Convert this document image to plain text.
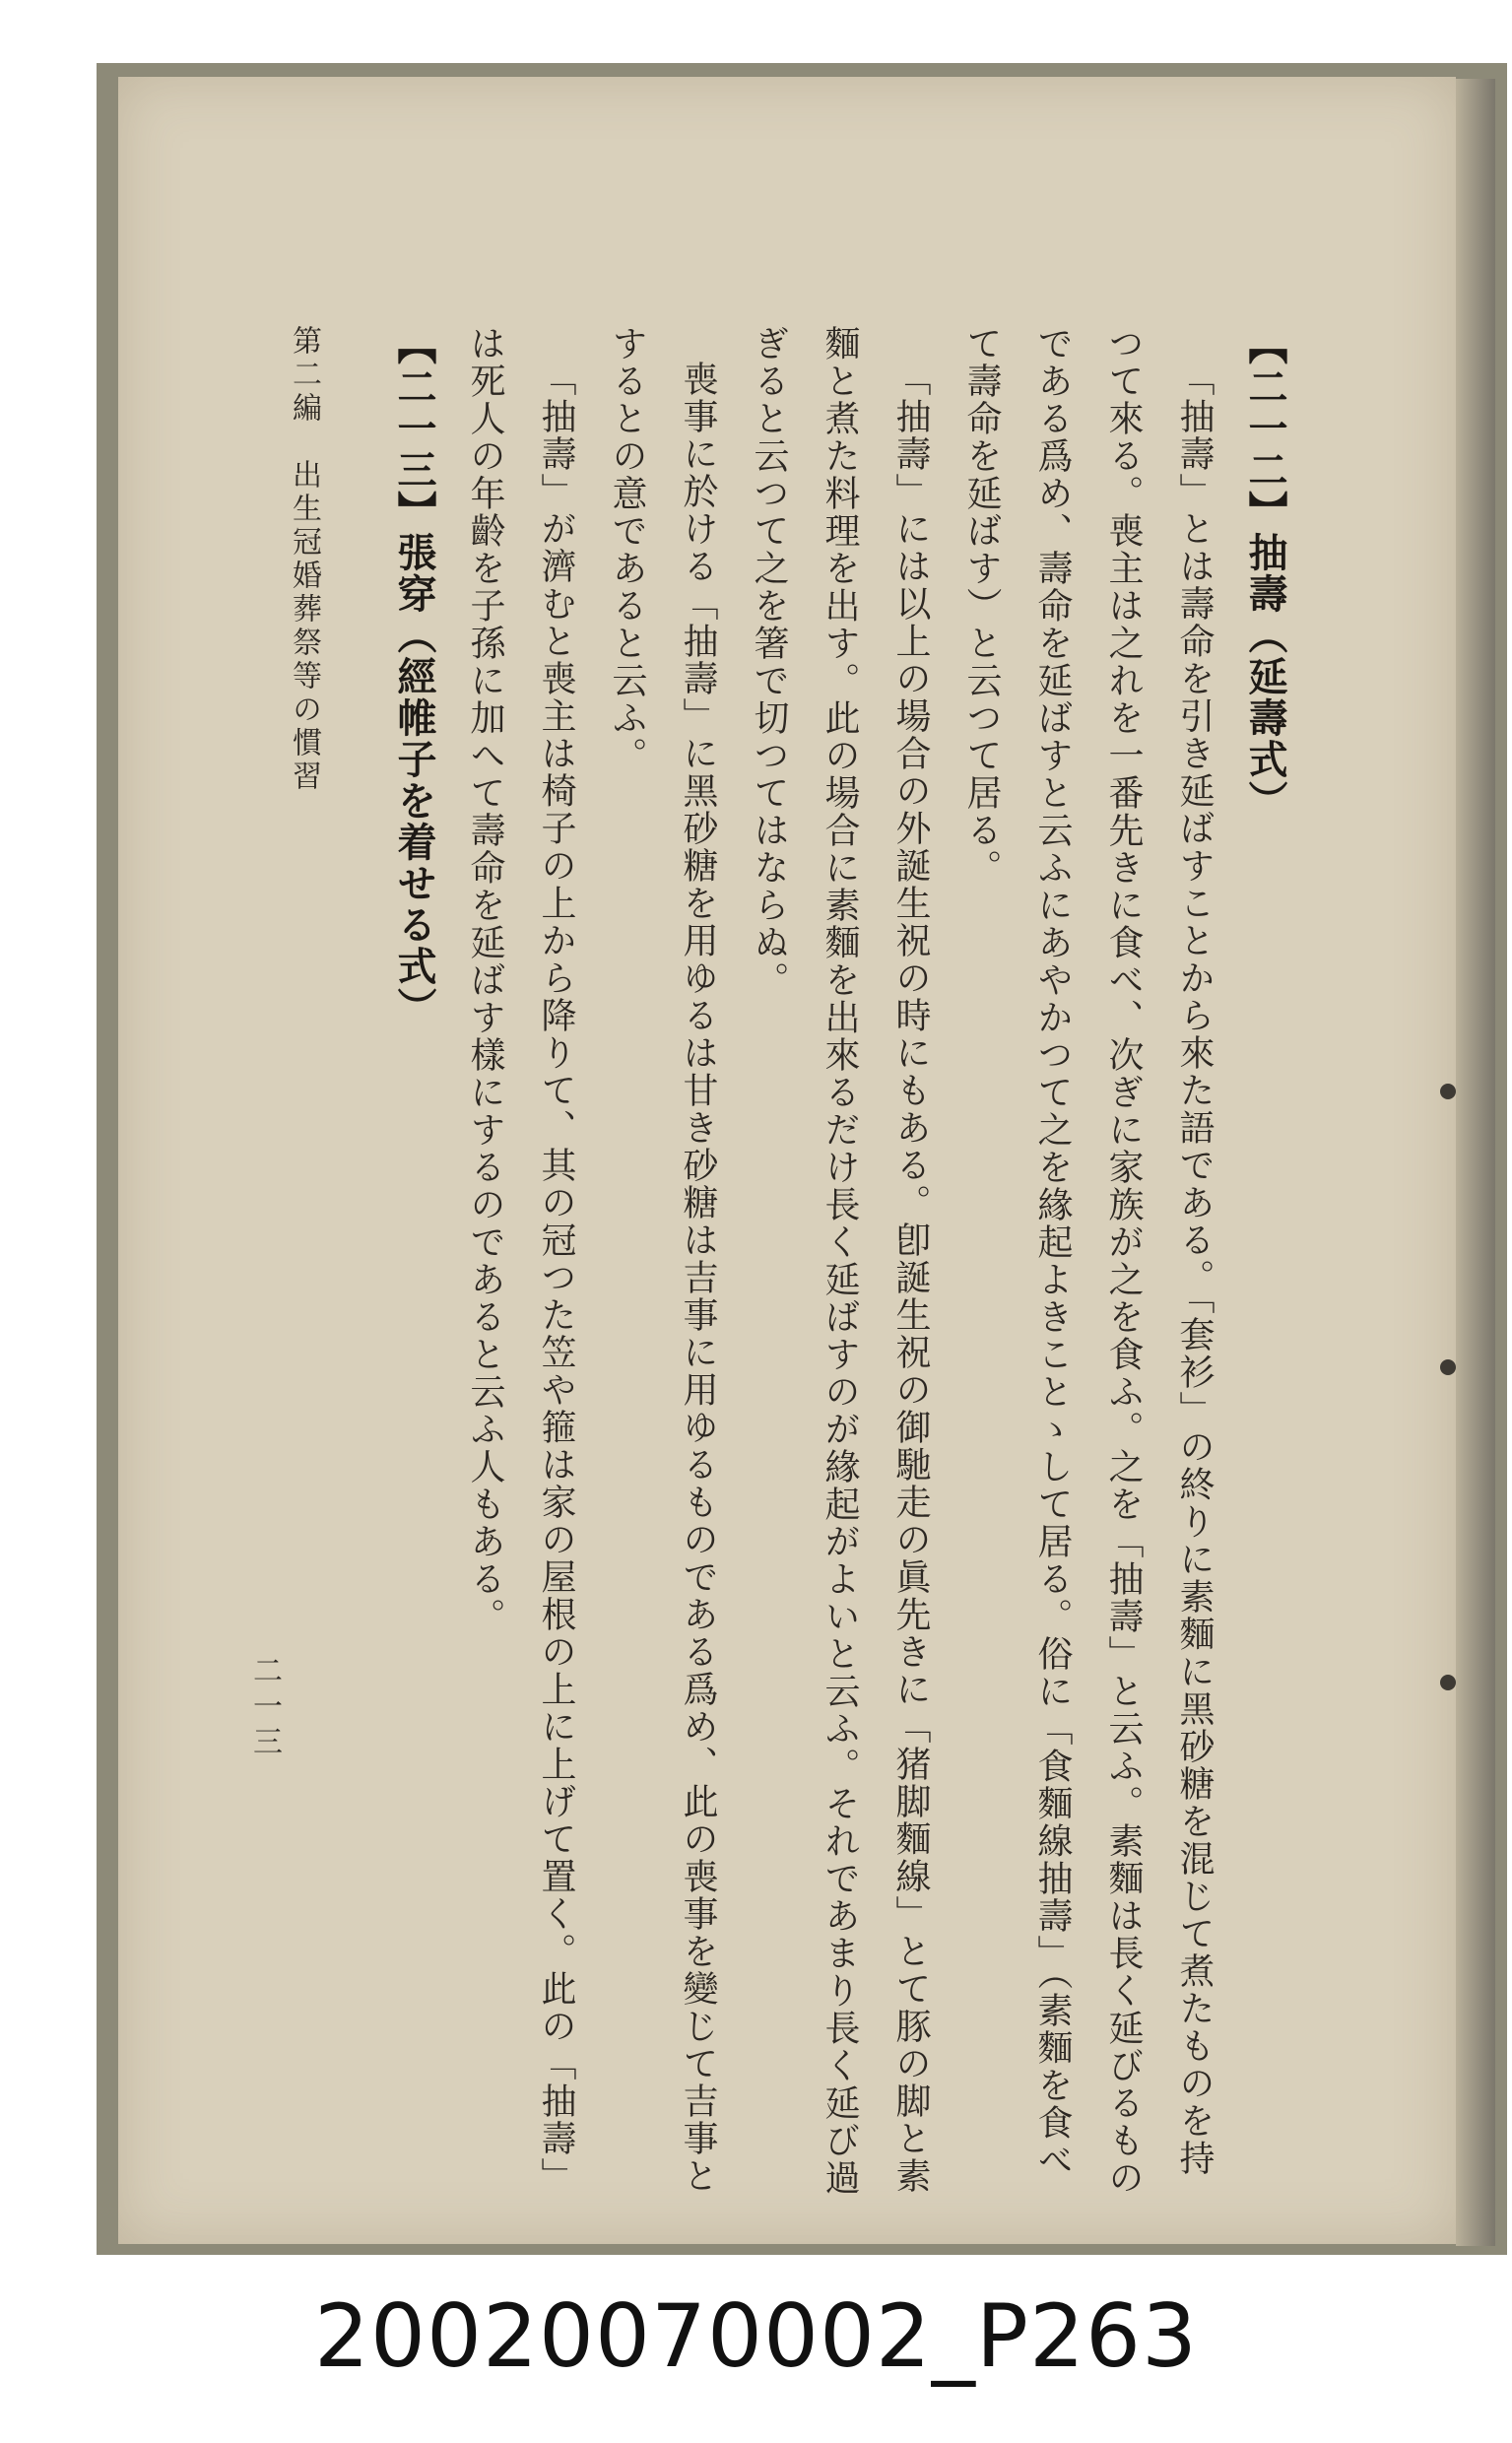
【二一二】抽壽（延壽式）

「抽壽」とは壽命を引き延ばすことから來た語である。「套衫」の終りに素麵に黑砂糖を混じて煮たものを持つて來る。喪主は之れを一番先きに食べ、次ぎに家族が之を食ふ。之を「抽壽」と云ふ。素麵は長く延びるものである爲め、壽命を延ばすと云ふにあやかつて之を緣起よきことゝして居る。俗に「食麵線抽壽」（素麵を食べて壽命を延ばす）と云つて居る。

「抽壽」には以上の場合の外誕生祝の時にもある。卽誕生祝の御馳走の眞先きに「猪脚麵線」とて豚の脚と素麵と煮た料理を出す。此の場合に素麵を出來るだけ長く延ばすのが緣起がよいと云ふ。それであまり長く延び過ぎると云つて之を箸で切つてはならぬ。

喪事に於ける「抽壽」に黑砂糖を用ゆるは甘き砂糖は吉事に用ゆるものである爲め、此の喪事を變じて吉事とするとの意であると云ふ。

「抽壽」が濟むと喪主は椅子の上から降りて、其の冠つた笠や箍は家の屋根の上に上げて置く。此の「抽壽」は死人の年齡を子孫に加へて壽命を延ばす樣にするのであると云ふ人もある。

【二一三】張穿（經帷子を着せる式）
第二編　出生冠婚葬祭等の慣習
二一三
20020070002_P263
